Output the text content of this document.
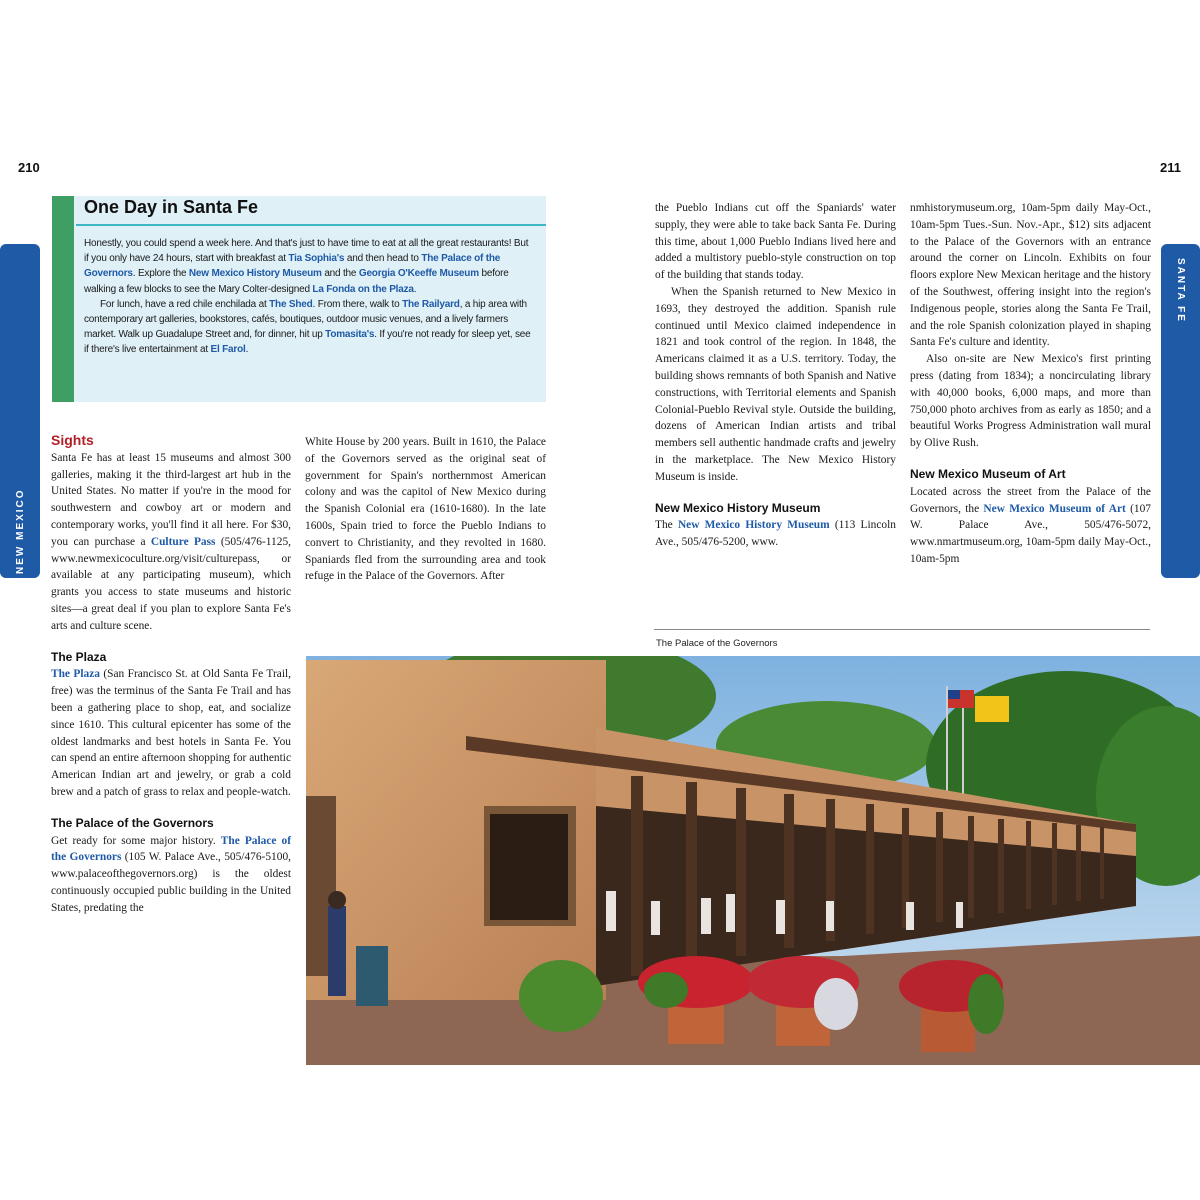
210	211
NEW MEXICO
SANTA FE
One Day in Santa Fe

Honestly, you could spend a week here. And that's just to have time to eat at all the great restaurants! But if you only have 24 hours, start with breakfast at Tia Sophia's and then head to The Palace of the Governors. Explore the New Mexico History Museum and the Georgia O'Keeffe Museum before walking a few blocks to see the Mary Colter-designed La Fonda on the Plaza.

For lunch, have a red chile enchilada at The Shed. From there, walk to The Railyard, a hip area with contemporary art galleries, bookstores, cafés, boutiques, outdoor music venues, and a lively farmers market. Walk up Guadalupe Street and, for dinner, hit up Tomasita's. If you're not ready for sleep yet, see if there's live entertainment at El Farol.

Sights

Santa Fe has at least 15 museums and almost 300 galleries, making it the third-largest art hub in the United States. No matter if you're in the mood for southwestern and cowboy art or modern and contemporary works, you'll find it all here. For $30, you can purchase a Culture Pass (505/476-1125, www.newmexicoculture.org/visit/culturepass, or available at any participating museum), which grants you access to state museums and historic sites—a great deal if you plan to explore Santa Fe's arts and culture scene.

The Plaza

The Plaza (San Francisco St. at Old Santa Fe Trail, free) was the terminus of the Santa Fe Trail and has been a gathering place to shop, eat, and socialize since 1610. This cultural epicenter has some of the oldest landmarks and best hotels in Santa Fe. You can spend an entire afternoon shopping for authentic American Indian art and jewelry, or grab a cold brew and a patch of grass to relax and people-watch.

The Palace of the Governors

Get ready for some major history. The Palace of the Governors (105 W. Palace Ave., 505/476-5100, www.palaceofthegovernors.org) is the oldest continuously occupied public building in the United States, predating the

White House by 200 years. Built in 1610, the Palace of the Governors served as the original seat of government for Spain's northernmost American colony and was the capitol of New Mexico during the Spanish Colonial era (1610-1680). In the late 1600s, Spain tried to force the Pueblo Indians to convert to Christianity, and they revolted in 1680. Spaniards fled from the surrounding area and took refuge in the Palace of the Governors. After

the Pueblo Indians cut off the Spaniards' water supply, they were able to take back Santa Fe. During this time, about 1,000 Pueblo Indians lived here and added a multistory pueblo-style construction on top of the building that stands today.

When the Spanish returned to New Mexico in 1693, they destroyed the addition. Spanish rule continued until Mexico claimed independence in 1821 and took control of the region. In 1848, the Americans claimed it as a U.S. territory. Today, the building shows remnants of both Spanish and Native constructions, with Territorial elements and Spanish Colonial-Pueblo Revival style. Outside the building, dozens of American Indian artists and tribal members sell authentic handmade crafts and jewelry in the marketplace. The New Mexico History Museum is inside.

New Mexico History Museum

The New Mexico History Museum (113 Lincoln Ave., 505/476-5200, www.

nmhistorymuseum.org, 10am-5pm daily May-Oct., 10am-5pm Tues.-Sun. Nov.-Apr., $12) sits adjacent to the Palace of the Governors with an entrance around the corner on Lincoln. Exhibits on four floors explore New Mexican heritage and the history of the Southwest, offering insight into the region's Indigenous people, stories along the Santa Fe Trail, and the role Spanish colonization played in shaping Santa Fe's culture and identity.

Also on-site are New Mexico's first printing press (dating from 1834); a noncirculating library with 40,000 books, 6,000 maps, and more than 750,000 photo archives from as early as 1850; and a beautiful Works Progress Administration wall mural by Olive Rush.

New Mexico Museum of Art

Located across the street from the Palace of the Governors, the New Mexico Museum of Art (107 W. Palace Ave., 505/476-5072, www.nmartmuseum.org, 10am-5pm daily May-Oct., 10am-5pm

The Palace of the Governors
